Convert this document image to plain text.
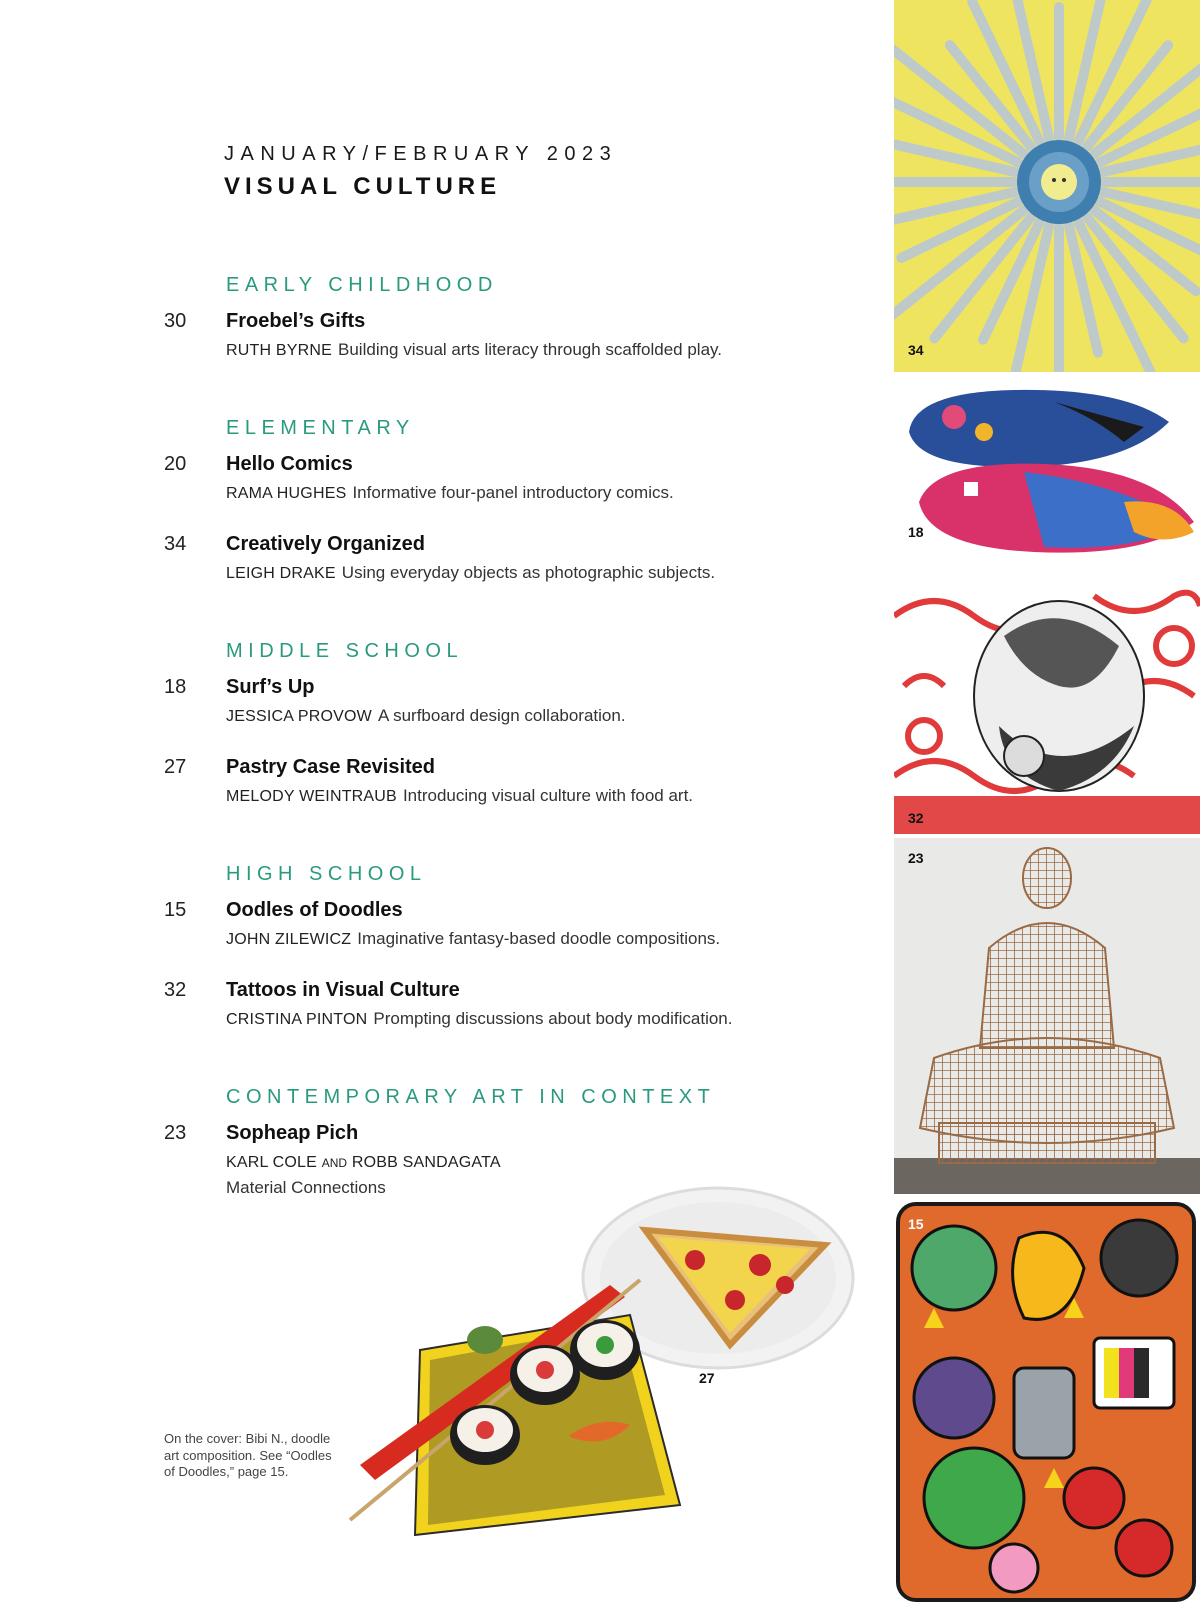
JANUARY/FEBRUARY 2023
VISUAL CULTURE
EARLY CHILDHOOD
30 Froebel’s Gifts
RUTH BYRNE Building visual arts literacy through scaffolded play.
ELEMENTARY
20 Hello Comics
RAMA HUGHES Informative four-panel introductory comics.
34 Creatively Organized
LEIGH DRAKE Using everyday objects as photographic subjects.
MIDDLE SCHOOL
18 Surf’s Up
JESSICA PROVOW A surfboard design collaboration.
27 Pastry Case Revisited
MELODY WEINTRAUB Introducing visual culture with food art.
HIGH SCHOOL
15 Oodles of Doodles
JOHN ZILEWICZ Imaginative fantasy-based doodle compositions.
32 Tattoos in Visual Culture
CRISTINA PINTON Prompting discussions about body modification.
CONTEMPORARY ART IN CONTEXT
23 Sopheap Pich
KARL COLE AND ROBB SANDAGATA
Material Connections
On the cover: Bibi N., doodle art composition. See “Oodles of Doodles,” page 15.
27
34
18
32
23
15
